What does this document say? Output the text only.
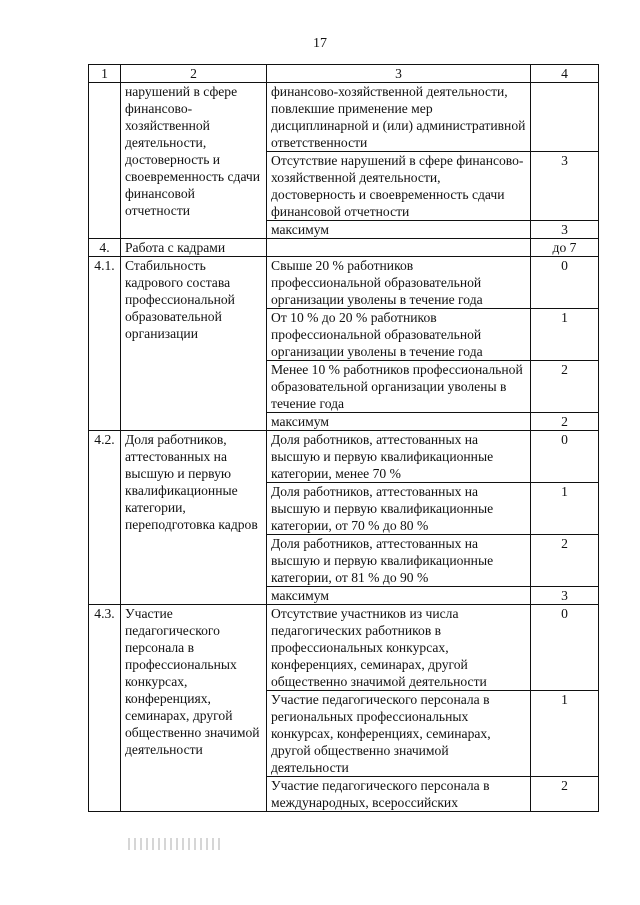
17
1	2	3	4
	нарушений в сфере финансово-хозяйственной деятельности, достоверность и своевременность сдачи финансовой отчетности	финансово-хозяйственной деятельности, повлекшие применение мер дисциплинарной и (или) административной ответственности	
		Отсутствие нарушений в сфере финансово-хозяйственной деятельности, достоверность и своевременность сдачи финансовой отчетности	3
		максимум	3
4.	Работа с кадрами		до 7
4.1.	Стабильность кадрового состава профессиональной образовательной организации	Свыше 20 % работников профессиональной образовательной организации уволены в течение года	0
		От 10 % до 20 % работников профессиональной образовательной организации уволены в течение года	1
		Менее 10 % работников профессиональной образовательной организации уволены в течение года	2
		максимум	2
4.2.	Доля работников, аттестованных на высшую и первую квалификационные категории, переподготовка кадров	Доля работников, аттестованных на высшую и первую квалификационные категории, менее 70 %	0
		Доля работников, аттестованных на высшую и первую квалификационные категории, от 70 % до 80 %	1
		Доля работников, аттестованных на высшую и первую квалификационные категории, от 81 % до 90 %	2
		максимум	3
4.3.	Участие педагогического персонала в профессиональных конкурсах, конференциях, семинарах, другой общественно значимой деятельности	Отсутствие участников из числа педагогических работников в профессиональных конкурсах, конференциях, семинарах, другой общественно значимой деятельности	0
		Участие педагогического персонала в региональных профессиональных конкурсах, конференциях, семинарах, другой общественно значимой деятельности	1
		Участие педагогического персонала в международных, всероссийских	2
